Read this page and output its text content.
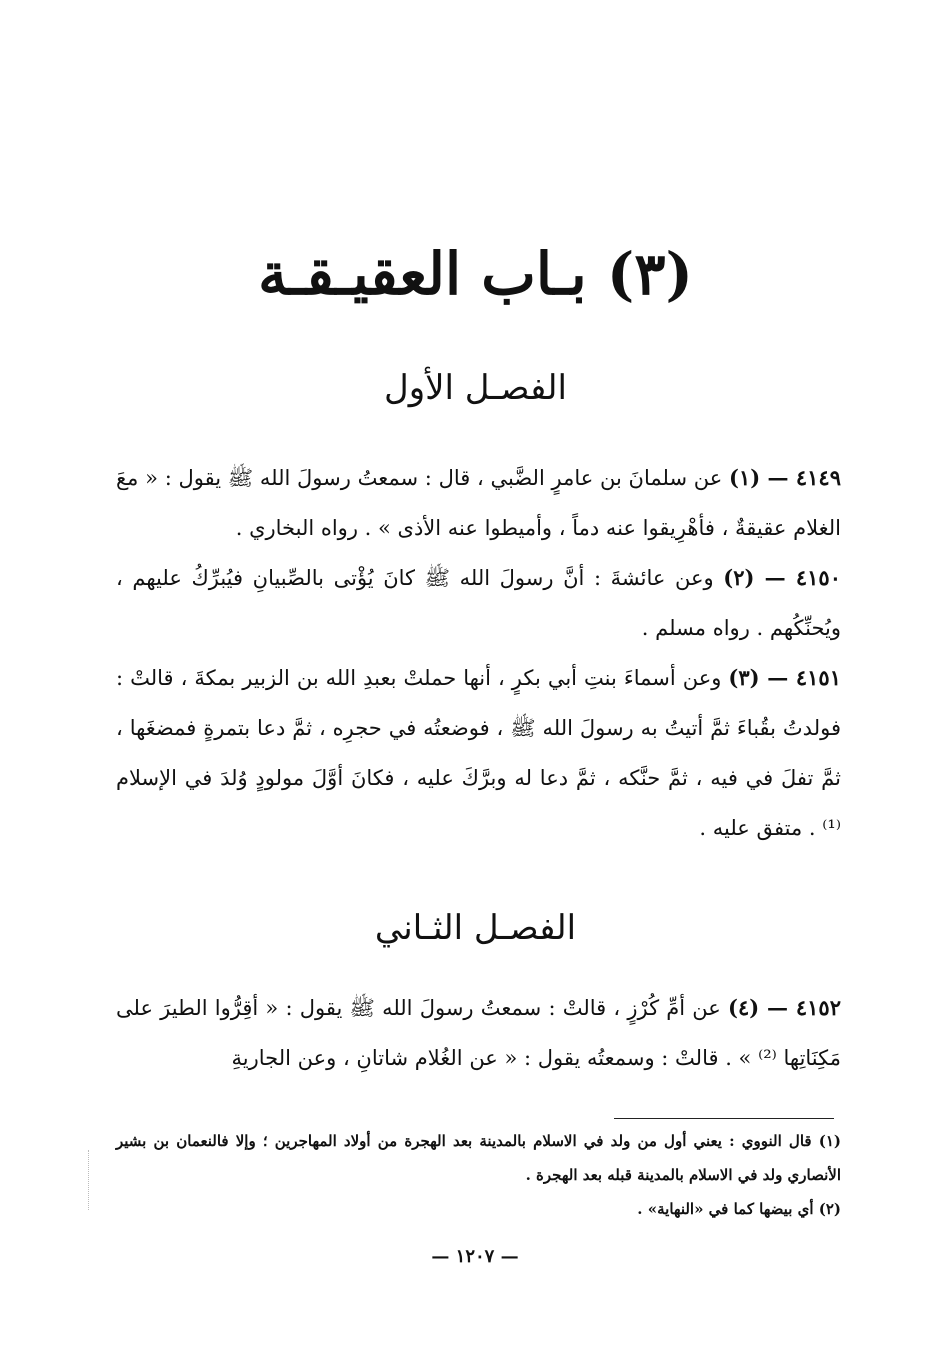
(٣) بـاب العقيـقـة
الفصـل الأول

٤١٤٩ — (١) عن سلمانَ بن عامرٍ الضَّبي ، قال : سمعتُ رسولَ الله ﷺ يقول : « معَ الغلام عقيقةٌ ، فأهْرِيقوا عنه دماً ، وأميطوا عنه الأذى » . رواه البخاري .

٤١٥٠ — (٢) وعن عائشةَ : أنَّ رسولَ الله ﷺ كانَ يُؤْتى بالصِّبيانِ فيُبرِّكُ عليهم ، ويُحنِّكُهم . رواه مسلم .

٤١٥١ — (٣) وعن أسماءَ بنتِ أبي بكرٍ ، أنها حملتْ بعبدِ الله بن الزبير بمكةَ ، قالتْ : فولدتُ بقُباءَ ثمَّ أتيتُ به رسولَ الله ﷺ ، فوضعتُه في حجرِه ، ثمَّ دعا بتمرةٍ فمضغَها ، ثمَّ تفلَ في فيه ، ثمَّ حنَّكه ، ثمَّ دعا له وبرَّكَ عليه ، فكانَ أوَّلَ مولودٍ وُلدَ في الإسلام ⁽¹⁾ . متفق عليه .

الفصـل الثـاني

٤١٥٢ — (٤) عن أمِّ كُرْزٍ ، قالتْ : سمعتُ رسولَ الله ﷺ يقول : « أقِرُّوا الطيرَ على مَكِنَاتِها ⁽²⁾ » . قالتْ : وسمعتُه يقول : « عن الغُلام شاتانِ ، وعن الجاريةِ

(١) قال النووي : يعني أول من ولد في الاسلام بالمدينة بعد الهجرة من أولاد المهاجرين ؛ وإلا فالنعمان بن بشير الأنصاري ولد في الاسلام بالمدينة قبله بعد الهجرة .

(٢) أي بيضها كما في «النهاية» .

— ١٢٠٧ —
